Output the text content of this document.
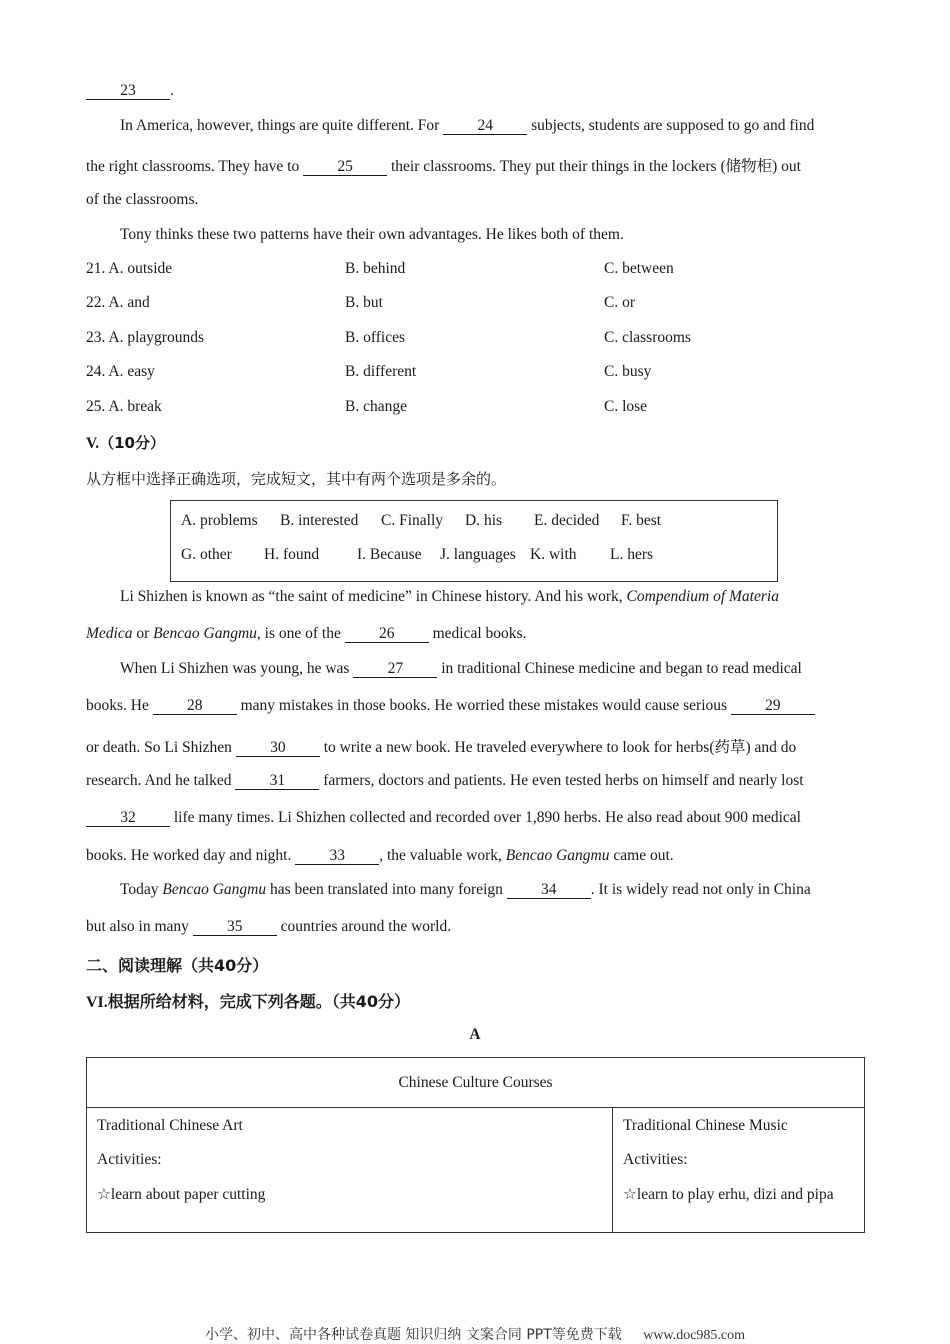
23 .
In America, however, things are quite different. For 24 subjects, students are supposed to go and find
the right classrooms. They have to 25 their classrooms. They put their things in the lockers (储物柜) out
of the classrooms.
Tony thinks these two patterns have their own advantages. He likes both of them.
21. A. outside	B. behind	C. between
22. A. and	B. but	C. or
23. A. playgrounds	B. offices	C. classrooms
24. A. easy	B. different	C. busy
25. A. break	B. change	C. lose
V.（10分）
从方框中选择正确选项，完成短文，其中有两个选项是多余的。
A. problems B. interested C. Finally D. his E. decided F. best
G. other H. found I. Because J. languages K. with L. hers
Li Shizhen is known as “the saint of medicine” in Chinese history. And his work, Compendium of Materia
Medica or Bencao Gangmu, is one of the 26 medical books.
When Li Shizhen was young, he was 27 in traditional Chinese medicine and began to read medical
books. He 28 many mistakes in those books. He worried these mistakes would cause serious 29
or death. So Li Shizhen 30 to write a new book. He traveled everywhere to look for herbs(药草) and do
research. And he talked 31 farmers, doctors and patients. He even tested herbs on himself and nearly lost
32 life many times. Li Shizhen collected and recorded over 1,890 herbs. He also read about 900 medical
books. He worked day and night. 33 , the valuable work, Bencao Gangmu came out.
Today Bencao Gangmu has been translated into many foreign 34 . It is widely read not only in China
but also in many 35 countries around the world.
二、阅读理解（共40分）
VI.根据所给材料，完成下列各题。（共40分）
A
Chinese Culture Courses

Traditional Chinese Art
Activities:
☆learn about paper cutting

Traditional Chinese Music
Activities:
☆learn to play erhu, dizi and pipa
小学、初中、高中各种试卷真题 知识归纳 文案合同 PPT等免费下载 www.doc985.com
